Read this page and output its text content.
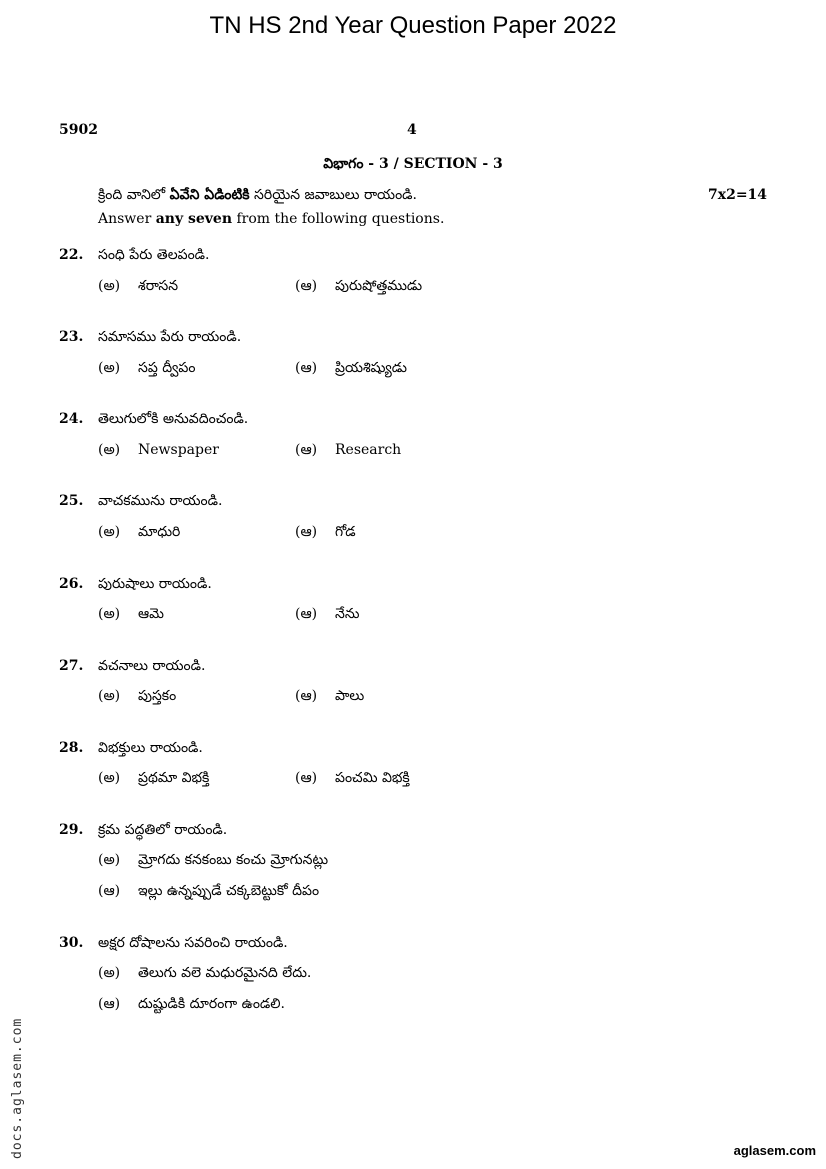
TN HS 2nd Year Question Paper 2022
5902	4
విభాగం - 3 / SECTION - 3
క్రింది వానిలో ఏవేని ఏడింటికి సరియైన జవాబులు రాయండి.	7x2=14
Answer any seven from the following questions.
22. సంధి పేరు తెలపండి.
(అ) శరాసన	(ఆ) పురుషోత్తముడు
23. సమాసము పేరు రాయండి.
(అ) సప్త ద్వీపం	(ఆ) ప్రియశిష్యుడు
24. తెలుగులోకి అనువదించండి.
(అ) Newspaper	(ఆ) Research
25. వాచకమును రాయండి.
(అ) మాధురి	(ఆ) గోడ
26. పురుషాలు రాయండి.
(అ) ఆమె	(ఆ) నేను
27. వచనాలు రాయండి.
(అ) పుస్తకం	(ఆ) పాలు
28. విభక్తులు రాయండి.
(అ) ప్రథమా విభక్తి	(ఆ) పంచమి విభక్తి
29. క్రమ పద్ధతిలో రాయండి.
(అ) మ్రోగదు కనకంబు కంచు మ్రోగునట్లు
(ఆ) ఇల్లు ఉన్నప్పుడే చక్కబెట్టుకో దీపం
30. అక్షర దోషాలను సవరించి రాయండి.
(అ) తెలుగు వలె మధురమైనది లేదు.
(ఆ) దుష్టుడికి దూరంగా ఉండలి.
docs.aglasem.com	aglasem.com
